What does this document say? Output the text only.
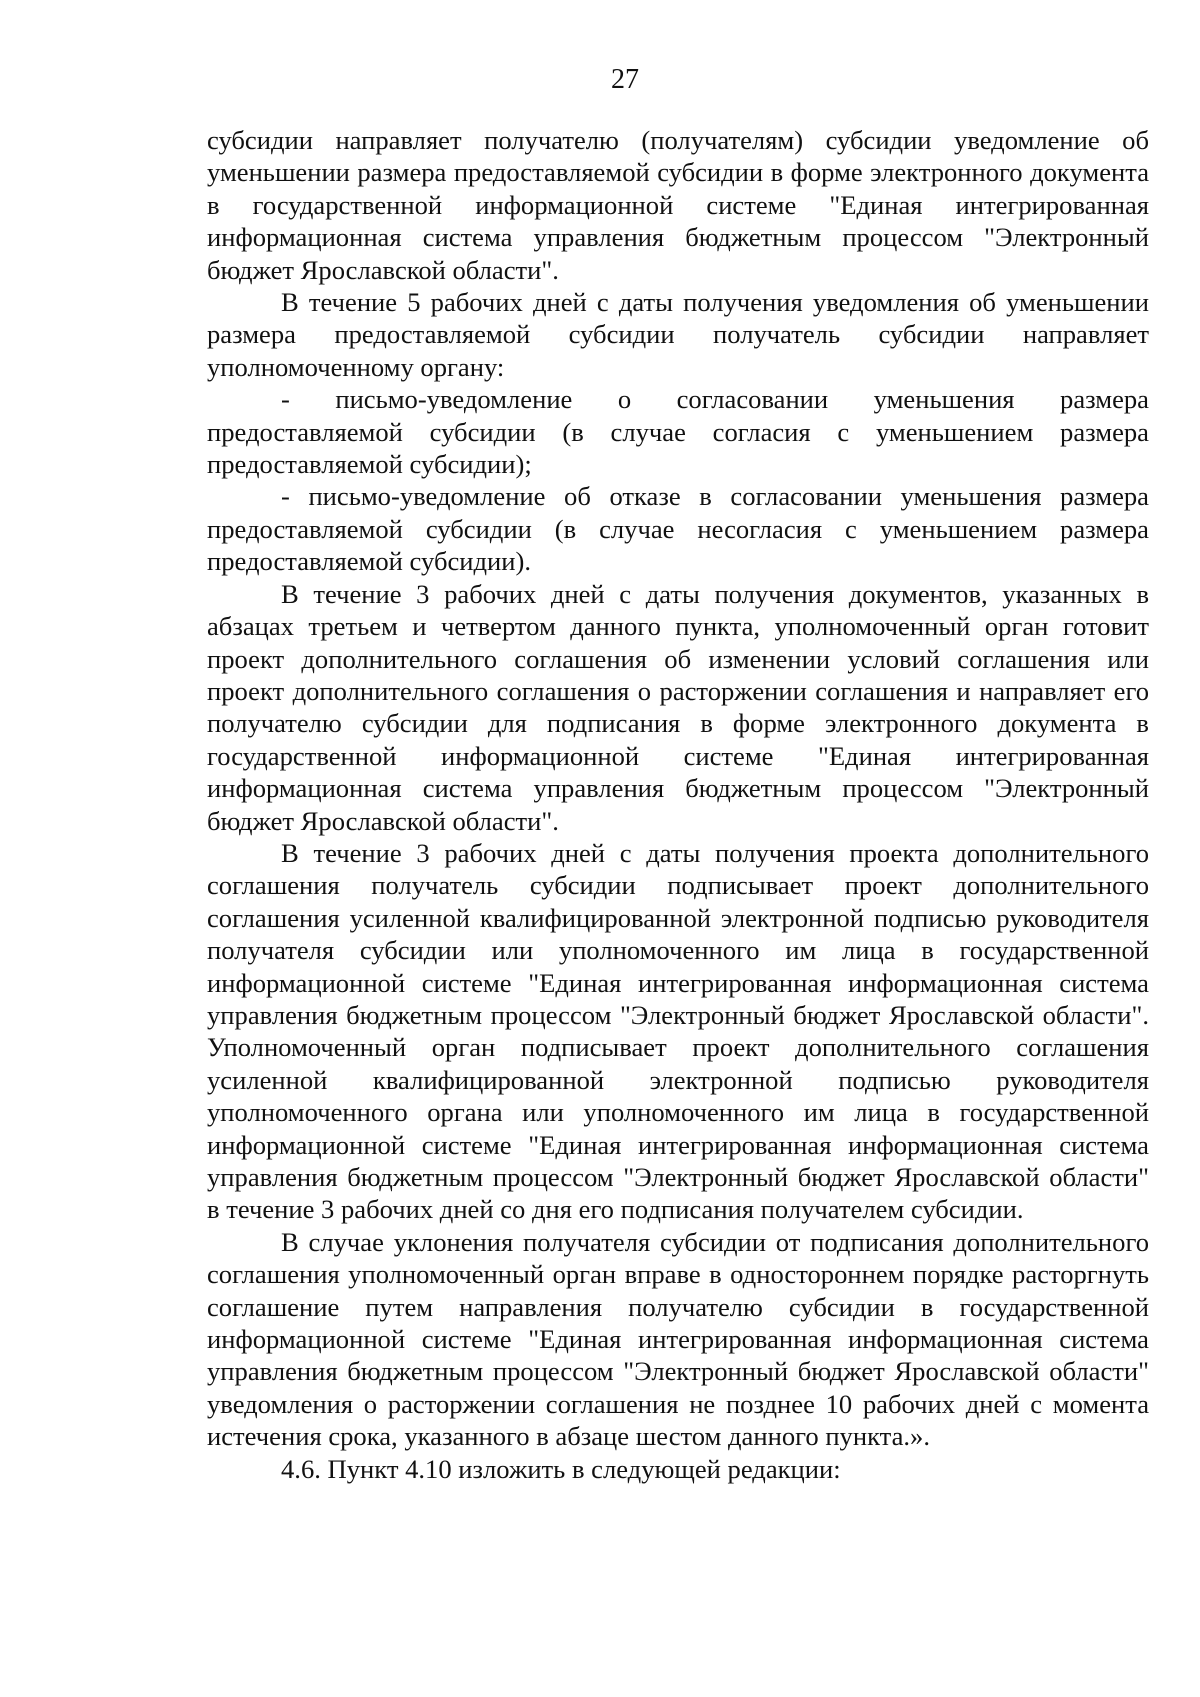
27

субсидии направляет получателю (получателям) субсидии уведомление об уменьшении размера предоставляемой субсидии в форме электронного документа в государственной информационной системе "Единая интегрированная информационная система управления бюджетным процессом "Электронный бюджет Ярославской области".

В течение 5 рабочих дней с даты получения уведомления об уменьшении размера предоставляемой субсидии получатель субсидии направляет уполномоченному органу:

- письмо-уведомление о согласовании уменьшения размера предоставляемой субсидии (в случае согласия с уменьшением размера предоставляемой субсидии);

- письмо-уведомление об отказе в согласовании уменьшения размера предоставляемой субсидии (в случае несогласия с уменьшением размера предоставляемой субсидии).

В течение 3 рабочих дней с даты получения документов, указанных в абзацах третьем и четвертом данного пункта, уполномоченный орган готовит проект дополнительного соглашения об изменении условий соглашения или проект дополнительного соглашения о расторжении соглашения и направляет его получателю субсидии для подписания в форме электронного документа в государственной информационной системе "Единая интегрированная информационная система управления бюджетным процессом "Электронный бюджет Ярославской области".

В течение 3 рабочих дней с даты получения проекта дополнительного соглашения получатель субсидии подписывает проект дополнительного соглашения усиленной квалифицированной электронной подписью руководителя получателя субсидии или уполномоченного им лица в государственной информационной системе "Единая интегрированная информационная система управления бюджетным процессом "Электронный бюджет Ярославской области". Уполномоченный орган подписывает проект дополнительного соглашения усиленной квалифицированной электронной подписью руководителя уполномоченного органа или уполномоченного им лица в государственной информационной системе "Единая интегрированная информационная система управления бюджетным процессом "Электронный бюджет Ярославской области" в течение 3 рабочих дней со дня его подписания получателем субсидии.

В случае уклонения получателя субсидии от подписания дополнительного соглашения уполномоченный орган вправе в одностороннем порядке расторгнуть соглашение путем направления получателю субсидии в государственной информационной системе "Единая интегрированная информационная система управления бюджетным процессом "Электронный бюджет Ярославской области" уведомления о расторжении соглашения не позднее 10 рабочих дней с момента истечения срока, указанного в абзаце шестом данного пункта.».

4.6. Пункт 4.10 изложить в следующей редакции:
